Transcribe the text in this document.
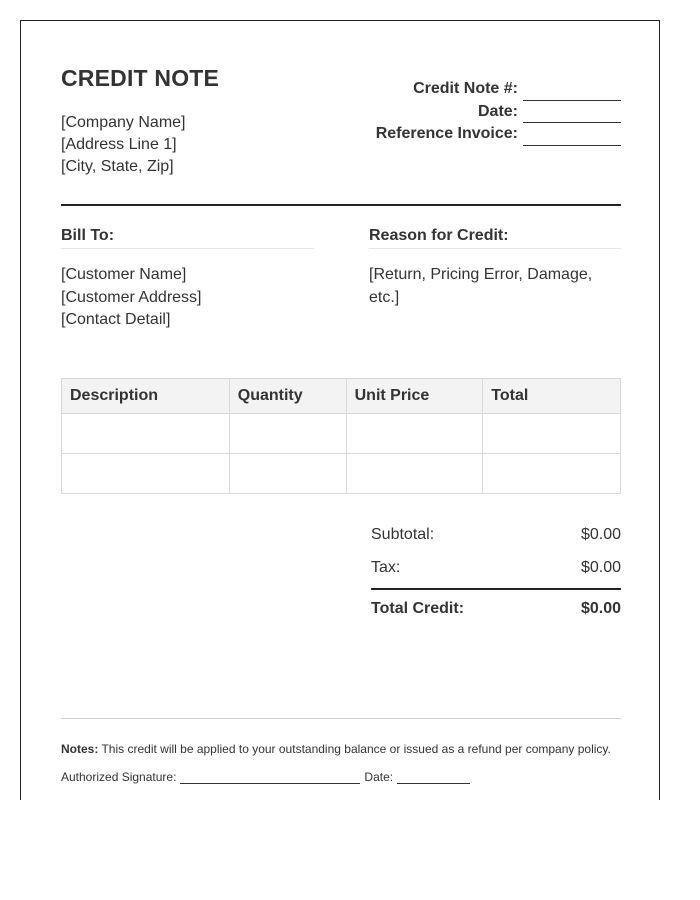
CREDIT NOTE
[Company Name]
[Address Line 1]
[City, State, Zip]
Credit Note #:
Date:
Reference Invoice:
Bill To:	Reason for Credit:
[Customer Name]
[Customer Address]
[Contact Detail]
[Return, Pricing Error, Damage, etc.]
Description	Quantity	Unit Price	Total

Subtotal:	$0.00
Tax:	$0.00
Total Credit:	$0.00
Notes: This credit will be applied to your outstanding balance or issued as a refund per company policy.
Authorized Signature:	Date:
